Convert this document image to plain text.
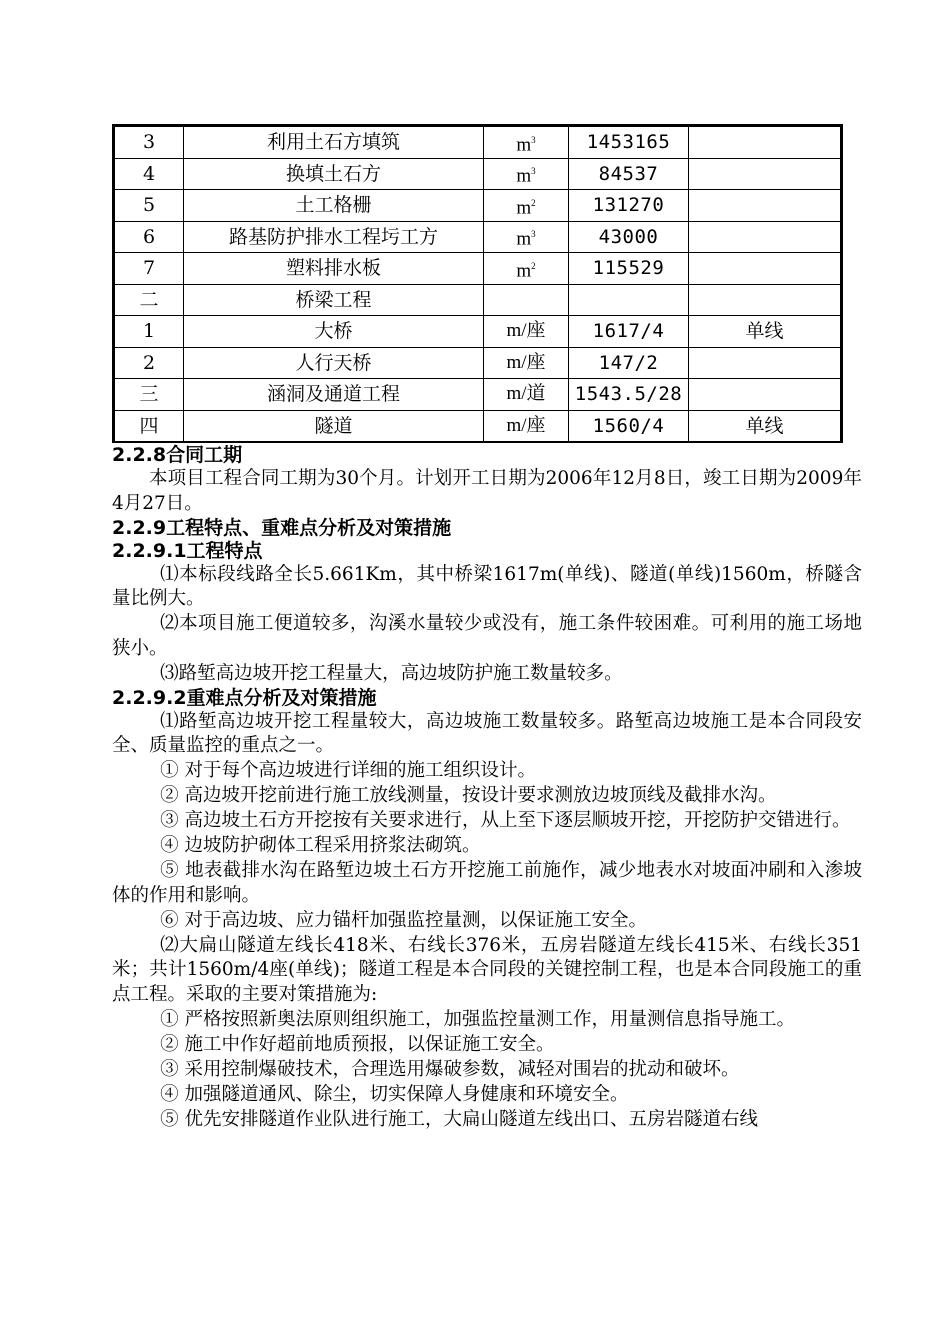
3	利用土石方填筑	$m^3$	1453165	
4	换填土石方	$m^3$	84537	
5	土工格栅	$m^2$	131270	
6	路基防护排水工程圬工方	$m^3$	43000	
7	塑料排水板	$m^2$	115529	
二	桥梁工程			
1	大桥	m/座	1617/4	单线
2	人行天桥	m/座	147/2	
三	涵洞及通道工程	m/道	1543.5/28	
四	隧道	m/座	1560/4	单线
2.2.8合同工期
本项目工程合同工期为30个月。计划开工日期为2006年12月8日，竣工日期为2009年4月27日。
2.2.9工程特点、重难点分析及对策措施
2.2.9.1工程特点
⑴本标段线路全长5.661Km，其中桥梁1617m(单线)、隧道(单线)1560m，桥隧含量比例大。
⑵本项目施工便道较多，沟溪水量较少或没有，施工条件较困难。可利用的施工场地狭小。
⑶路堑高边坡开挖工程量大，高边坡防护施工数量较多。
2.2.9.2重难点分析及对策措施
⑴路堑高边坡开挖工程量较大，高边坡施工数量较多。路堑高边坡施工是本合同段安全、质量监控的重点之一。
① 对于每个高边坡进行详细的施工组织设计。
② 高边坡开挖前进行施工放线测量，按设计要求测放边坡顶线及截排水沟。
③ 高边坡土石方开挖按有关要求进行，从上至下逐层顺坡开挖，开挖防护交错进行。
④ 边坡防护砌体工程采用挤浆法砌筑。
⑤ 地表截排水沟在路堑边坡土石方开挖施工前施作，减少地表水对坡面冲刷和入渗坡体的作用和影响。
⑥ 对于高边坡、应力锚杆加强监控量测，以保证施工安全。
⑵大扁山隧道左线长418米、右线长376米，五房岩隧道左线长415米、右线长351米；共计1560m/4座(单线)；隧道工程是本合同段的关键控制工程，也是本合同段施工的重点工程。采取的主要对策措施为:
① 严格按照新奥法原则组织施工，加强监控量测工作，用量测信息指导施工。
② 施工中作好超前地质预报，以保证施工安全。
③ 采用控制爆破技术，合理选用爆破参数，减轻对围岩的扰动和破坏。
④ 加强隧道通风、除尘，切实保障人身健康和环境安全。
⑤ 优先安排隧道作业队进行施工，大扁山隧道左线出口、五房岩隧道右线
